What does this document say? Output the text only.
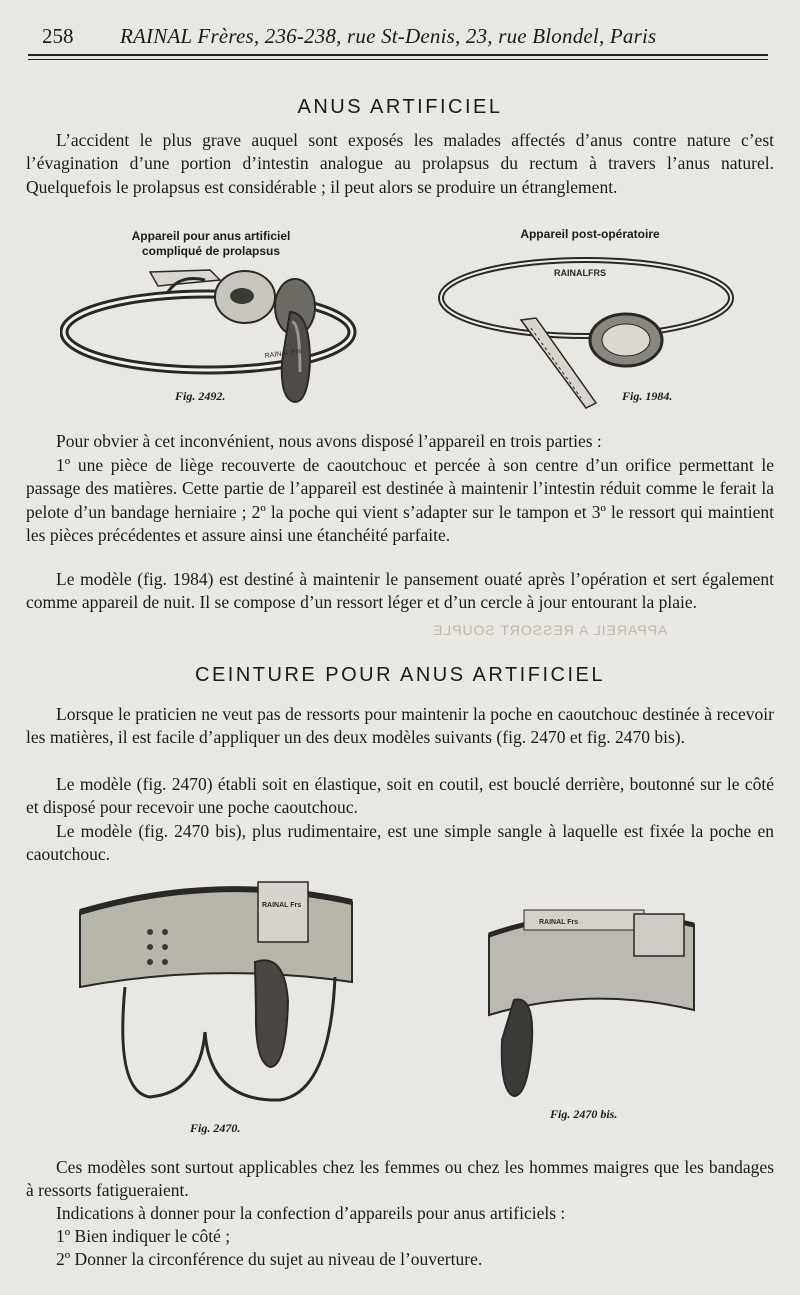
258 RAINAL Frères, 236-238, rue St-Denis, 23, rue Blondel, Paris
APPAREIL A RESSORT SOUPLE
ANUS ARTIFICIEL

L’accident le plus grave auquel sont exposés les malades affectés d’anus contre nature c’est l’évagination d’une portion d’intestin analogue au prolapsus du rectum à travers l’anus naturel. Quelquefois le prolapsus est considérable ; il peut alors se produire un étranglement.

Appareil pour anus artificiel
compliqué de prolapsus
Appareil post-opératoire
RAINAL Frs
Fig. 2492.
RAINALFRS
Fig. 1984.

Pour obvier à cet inconvénient, nous avons disposé l’appareil en trois parties :

1º une pièce de liège recouverte de caoutchouc et percée à son centre d’un orifice permettant le passage des matières. Cette partie de l’appareil est destinée à maintenir l’intestin réduit comme le ferait la pelote d’un bandage herniaire ; 2º la poche qui vient s’adapter sur le tampon et 3º le ressort qui maintient les pièces précédentes et assure ainsi une étanchéité parfaite.

Le modèle (fig. 1984) est destiné à maintenir le pansement ouaté après l’opération et sert également comme appareil de nuit. Il se compose d’un ressort léger et d’un cercle à jour entourant la plaie.

CEINTURE POUR ANUS ARTIFICIEL

Lorsque le praticien ne veut pas de ressorts pour maintenir la poche en caoutchouc destinée à recevoir les matières, il est facile d’appliquer un des deux modèles suivants (fig. 2470 et fig. 2470 bis).

Le modèle (fig. 2470) établi soit en élastique, soit en coutil, est bouclé derrière, boutonné sur le côté et disposé pour recevoir une poche caoutchouc.

Le modèle (fig. 2470 bis), plus rudimentaire, est une simple sangle à laquelle est fixée la poche en caoutchouc.

RAINAL Frs
Fig. 2470.
RAINAL Frs
Fig. 2470 bis.

Ces modèles sont surtout applicables chez les femmes ou chez les hommes maigres que les bandages à ressorts fatigueraient.

Indications à donner pour la confection d’appareils pour anus artificiels :

1º Bien indiquer le côté ;

2º Donner la circonférence du sujet au niveau de l’ouverture.
